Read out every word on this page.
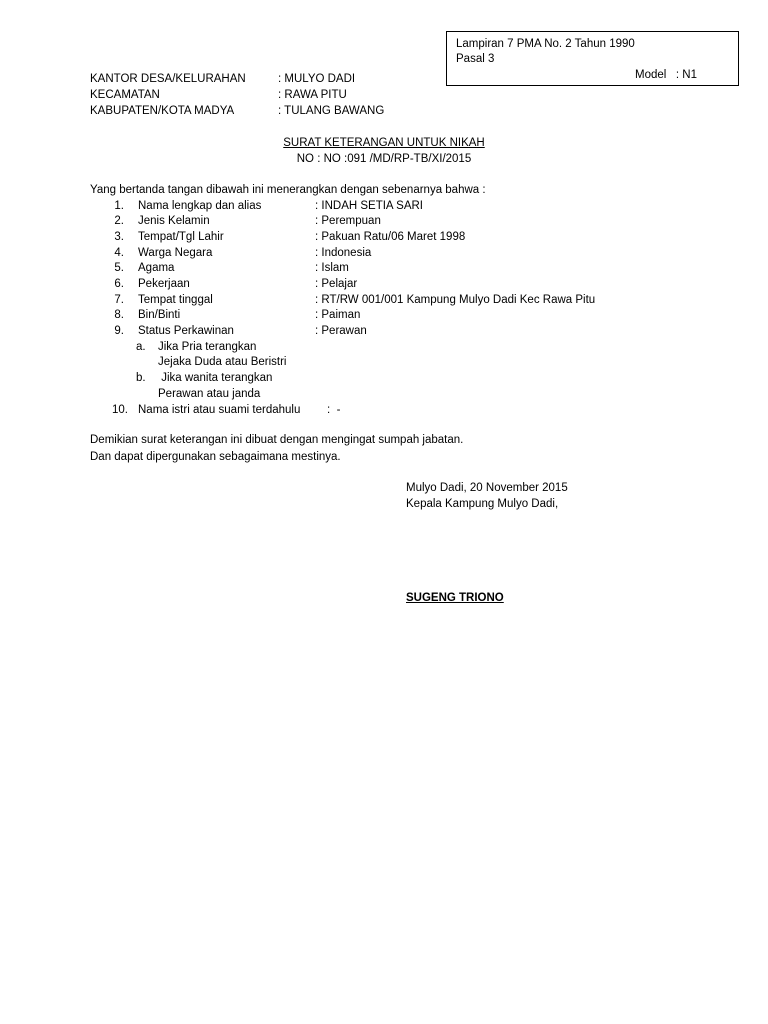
Lampiran 7 PMA No. 2 Tahun 1990
Pasal 3
Model   : N1
KANTOR DESA/KELURAHAN	: MULYO DADI
KECAMATAN	: RAWA PITU
KABUPATEN/KOTA MADYA	: TULANG BAWANG
SURAT KETERANGAN UNTUK NIKAH
NO : NO :091 /MD/RP-TB/XI/2015
Yang bertanda tangan dibawah ini menerangkan dengan sebenarnya bahwa :
1. Nama lengkap dan alias	: INDAH SETIA SARI
2. Jenis Kelamin	: Perempuan
3. Tempat/Tgl Lahir	: Pakuan Ratu/06 Maret 1998
4. Warga Negara	: Indonesia
5. Agama	: Islam
6. Pekerjaan	: Pelajar
7. Tempat tinggal	: RT/RW 001/001 Kampung Mulyo Dadi Kec Rawa Pitu
8. Bin/Binti	: Paiman
9. Status Perkawinan	: Perawan
a. Jika Pria terangkan
Jejaka Duda atau Beristri
b. Jika wanita terangkan
Perawan atau janda
10. Nama istri atau suami terdahulu :  -
Demikian surat keterangan ini dibuat dengan mengingat sumpah jabatan.
Dan dapat dipergunakan sebagaimana mestinya.
Mulyo Dadi, 20 November 2015
Kepala Kampung Mulyo Dadi,
SUGENG TRIONO
